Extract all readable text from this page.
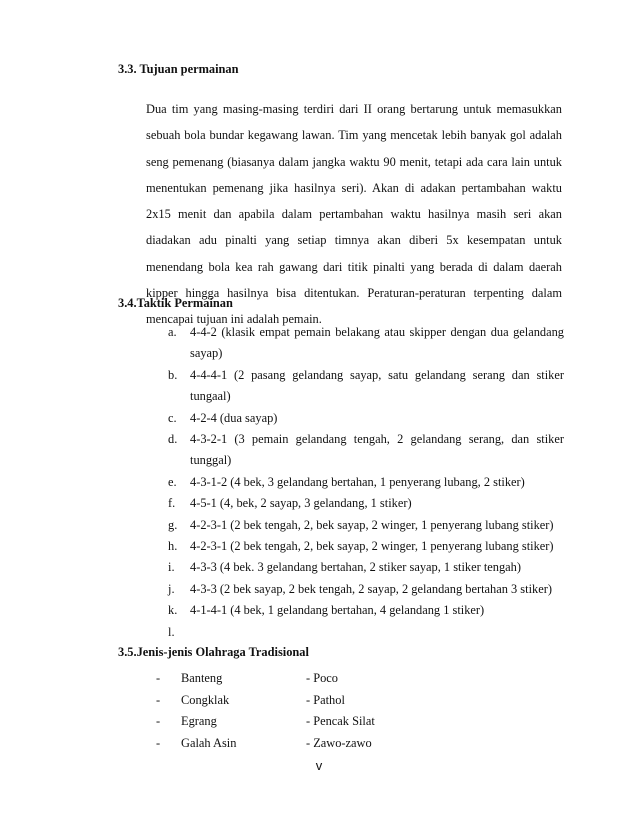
3.3. Tujuan permainan

Dua tim yang masing-masing terdiri dari II orang bertarung untuk memasukkan sebuah bola bundar kegawang lawan. Tim yang mencetak lebih banyak gol adalah seng pemenang (biasanya dalam jangka waktu 90 menit, tetapi ada cara lain untuk menentukan pemenang jika hasilnya seri). Akan di adakan pertambahan waktu 2x15 menit dan apabila dalam pertambahan waktu hasilnya masih seri akan diadakan adu pinalti yang setiap timnya akan diberi 5x kesempatan untuk menendang bola kea rah gawang dari titik pinalti yang berada di dalam daerah kipper hingga hasilnya bisa ditentukan. Peraturan-peraturan terpenting dalam mencapai tujuan ini adalah pemain.

3.4.Taktik Permainan
a. 4-4-2 (klasik empat pemain belakang atau skipper dengan dua gelandang sayap)
b. 4-4-4-1 (2 pasang gelandang sayap, satu gelandang serang dan stiker tungaal)
c. 4-2-4 (dua sayap)
d. 4-3-2-1 (3 pemain gelandang tengah, 2 gelandang serang, dan stiker tunggal)
e. 4-3-1-2 (4 bek, 3 gelandang bertahan, 1 penyerang lubang, 2 stiker)
f. 4-5-1 (4, bek, 2 sayap, 3 gelandang, 1 stiker)
g. 4-2-3-1 (2 bek tengah, 2, bek sayap, 2 winger, 1 penyerang lubang stiker)
h. 4-2-3-1 (2 bek tengah, 2, bek sayap, 2 winger, 1 penyerang lubang stiker)
i. 4-3-3 (4 bek. 3 gelandang bertahan, 2 stiker sayap, 1 stiker tengah)
j. 4-3-3 (2 bek sayap, 2 bek tengah, 2 sayap, 2 gelandang bertahan 3 stiker)
k. 4-1-4-1 (4 bek, 1 gelandang bertahan, 4 gelandang 1 stiker)
l.

3.5.Jenis-jenis Olahraga Tradisional
- Banteng	- Poco
- Congklak	- Pathol
- Egrang	- Pencak Silat
- Galah Asin	- Zawo-zawo
v
